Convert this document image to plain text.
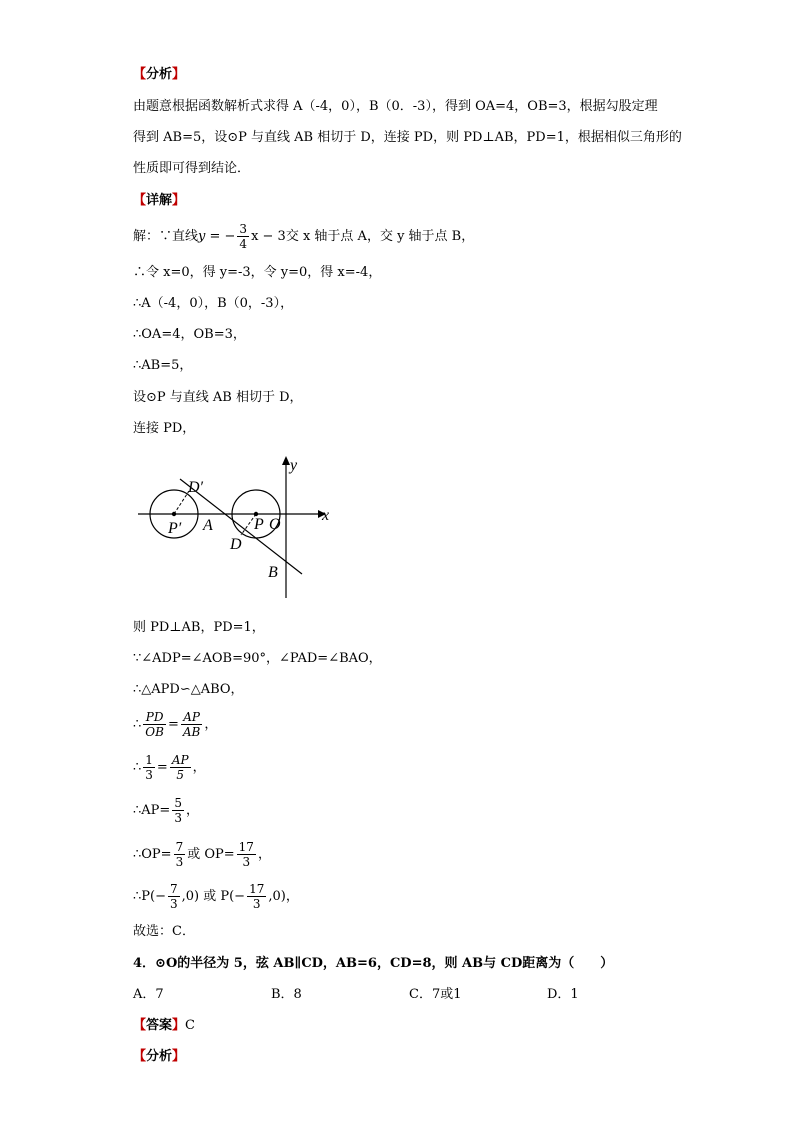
【分析】
由题意根据函数解析式求得 A（-4，0），B（0．-3），得到 OA=4，OB=3，根据勾股定理
得到 AB=5，设⊙P 与直线 AB 相切于 D，连接 PD，则 PD⊥AB，PD=1，根据相似三角形的
性质即可得到结论．
【详解】
解：∵直线y = − $\frac{3}{4}$ x − 3交 x 轴于点 A，交 y 轴于点 B，
∴令 x=0，得 y=-3，令 y=0，得 x=-4，
∴A（-4，0），B（0，-3），
∴OA=4，OB=3，
∴AB=5，
设⊙P 与直线 AB 相切于 D，
连接 PD，
y
x
D′
P′ A	P O
D
B
则 PD⊥AB，PD=1，
∵∠ADP=∠AOB=90°，∠PAD=∠BAO，
∴△APD∽△ABO，
∴ $\frac{PD}{OB} = \frac{AP}{AB}$ ，
∴ $\frac{1}{3} = \frac{AP}{5}$ ，
∴AP= $\frac{5}{3}$ ，
∴OP= $\frac{7}{3}$ 或 $OP= \frac{17}{3}$ ，
∴P(− $\frac{7}{3} ,0$) 或 $P(- \frac{17}{3} ,0)$，
故选：C．
4．⊙O的半径为 5，弦 AB∥CD，AB=6，CD=8，则 AB与 CD距离为（　　）
A．7	B．8	C．7或1	D．1
【答案】C
【分析】
